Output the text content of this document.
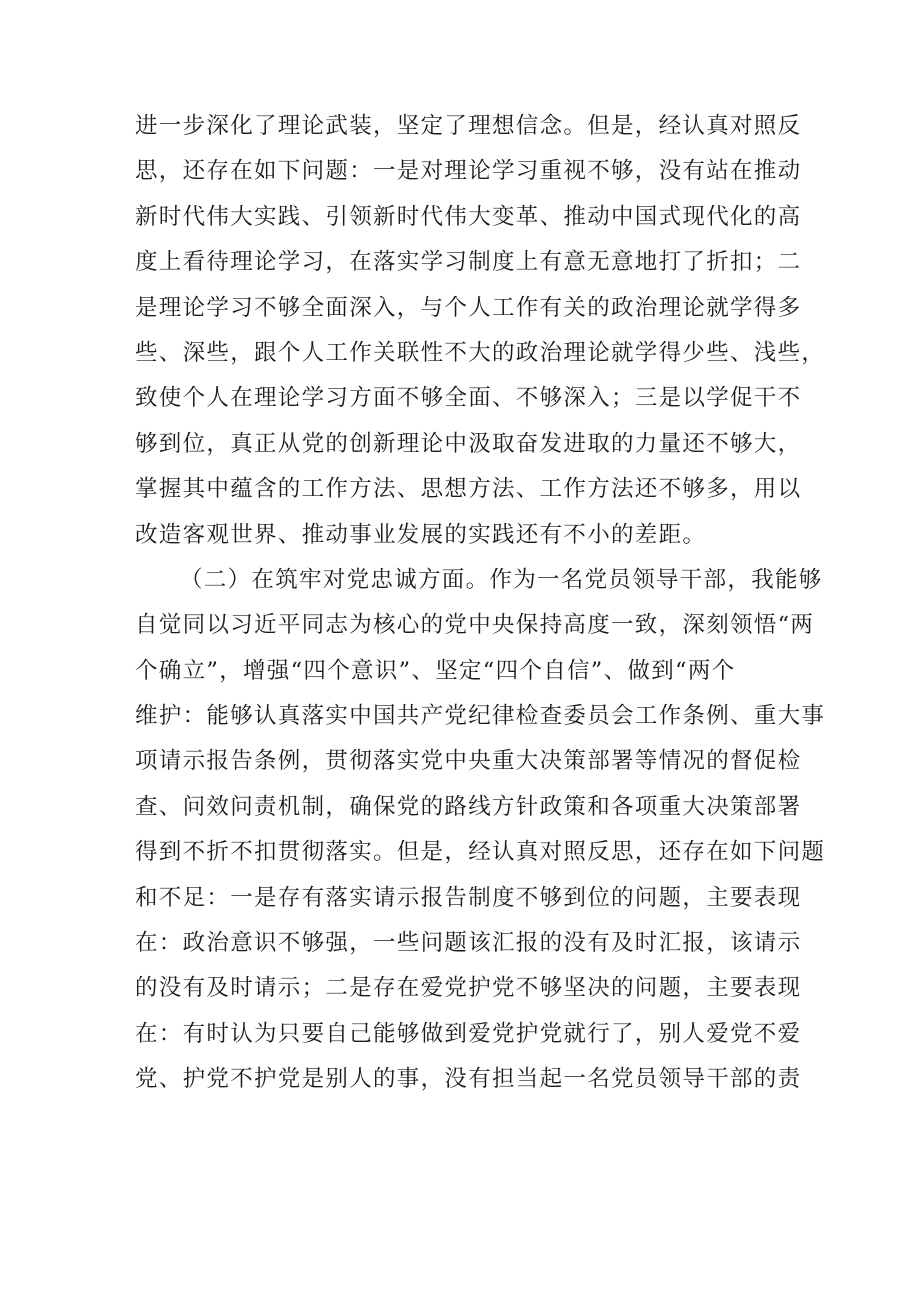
进一步深化了理论武装，坚定了理想信念。但是，经认真对照反
思，还存在如下问题：一是对理论学习重视不够，没有站在推动
新时代伟大实践、引领新时代伟大变革、推动中国式现代化的高
度上看待理论学习，在落实学习制度上有意无意地打了折扣；二
是理论学习不够全面深入，与个人工作有关的政治理论就学得多
些、深些，跟个人工作关联性不大的政治理论就学得少些、浅些，
致使个人在理论学习方面不够全面、不够深入；三是以学促干不
够到位，真正从党的创新理论中汲取奋发进取的力量还不够大，
掌握其中蕴含的工作方法、思想方法、工作方法还不够多，用以
改造客观世界、推动事业发展的实践还有不小的差距。
（二）在筑牢对党忠诚方面。作为一名党员领导干部，我能够
自觉同以习近平同志为核心的党中央保持高度一致，深刻领悟“两
个确立”，增强“四个意识”、坚定“四个自信”、做到“两个
维护：能够认真落实中国共产党纪律检查委员会工作条例、重大事
项请示报告条例，贯彻落实党中央重大决策部署等情况的督促检
查、问效问责机制，确保党的路线方针政策和各项重大决策部署
得到不折不扣贯彻落实。但是，经认真对照反思，还存在如下问题
和不足：一是存有落实请示报告制度不够到位的问题，主要表现
在：政治意识不够强，一些问题该汇报的没有及时汇报，该请示
的没有及时请示；二是存在爱党护党不够坚决的问题，主要表现
在：有时认为只要自己能够做到爱党护党就行了，别人爱党不爱
党、护党不护党是别人的事，没有担当起一名党员领导干部的责
